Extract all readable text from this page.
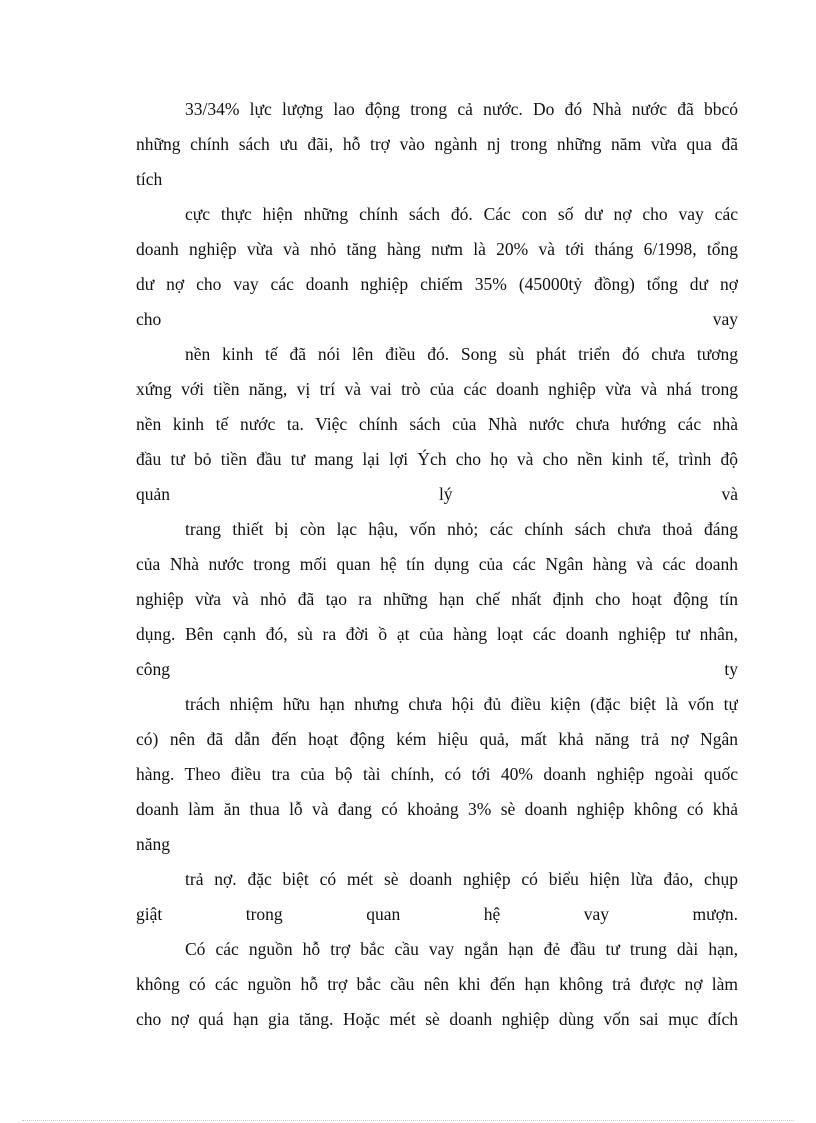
33/34% lực lượng lao động trong cả nước. Do đó Nhà nước đã bbcó
những chính sách ưu đãi, hỗ trợ vào ngành nj trong những năm vừa qua đã
tích
cực thực hiện những chính sách đó. Các con số dư nợ cho vay các
doanh nghiệp vừa và nhỏ tăng hàng nưm là 20% và tới tháng 6/1998, tổng
dư nợ cho vay các doanh nghiệp chiếm 35% (45000tỷ đồng) tổng dư nợ
cho vay
nền kinh tế đã nói lên điều đó. Song sù phát triển đó chưa tương
xứng với tiền năng, vị trí và vai trò của các doanh nghiệp vừa và nhá trong
nền kinh tế nước ta. Việc chính sách của Nhà nước chưa hướng các nhà
đầu tư bỏ tiền đầu tư mang lại lợi Ých cho họ và cho nền kinh tế, trình độ
quản lý và
trang thiết bị còn lạc hậu, vốn nhỏ; các chính sách chưa thoả đáng
của Nhà nước trong mối quan hệ tín dụng của các Ngân hàng và các doanh
nghiệp vừa và nhỏ đã tạo ra những hạn chế nhất định cho hoạt động tín
dụng. Bên cạnh đó, sù ra đời ồ ạt của hàng loạt các doanh nghiệp tư nhân,
công ty
trách nhiệm hữu hạn nhưng chưa hội đủ điều kiện (đặc biệt là vốn tự
có) nên đã dẫn đến hoạt động kém hiệu quả, mất khả năng trả nợ Ngân
hàng. Theo điều tra của bộ tài chính, có tới 40% doanh nghiệp ngoài quốc
doanh làm ăn thua lỗ và đang có khoảng 3% sè doanh nghiệp không có khả
năng
trả nợ. đặc biệt có mét sè doanh nghiệp có biểu hiện lừa đảo, chụp
giật trong quan hệ vay mượn.
Có các nguồn hỗ trợ bắc cầu vay ngắn hạn đẻ đầu tư trung dài hạn,
không có các nguồn hỗ trợ bắc cầu nên khi đến hạn không trả được nợ làm
cho nợ quá hạn gia tăng. Hoặc mét sè doanh nghiệp dùng vốn sai mục đích
